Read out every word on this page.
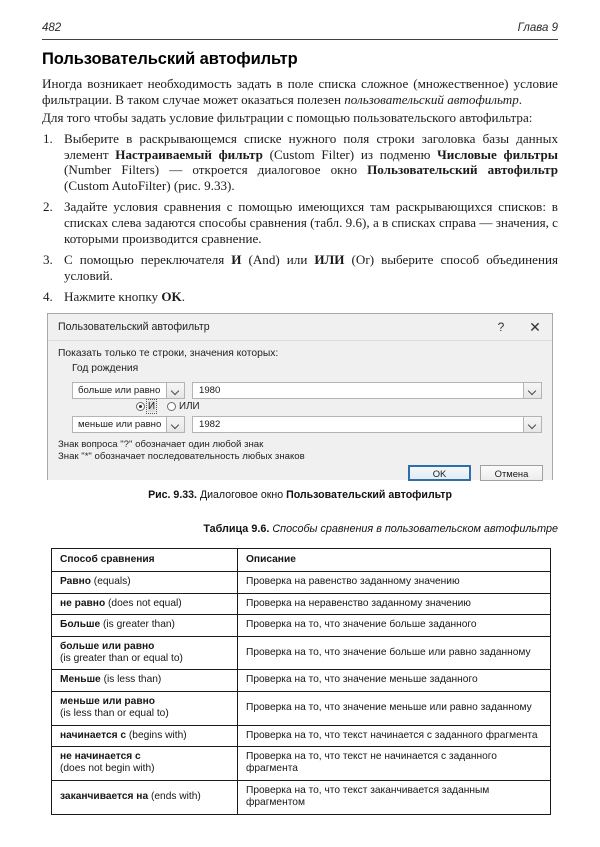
482	Глава 9
Пользовательский автофильтр
Иногда возникает необходимость задать в поле списка сложное (множественное) условие фильтрации. В таком случае может оказаться полезен пользовательский автофильтр.
Для того чтобы задать условие фильтрации с помощью пользовательского автофильтра:
1. Выберите в раскрывающемся списке нужного поля строки заголовка базы данных элемент Настраиваемый фильтр (Custom Filter) из подменю Числовые фильтры (Number Filters) — откроется диалоговое окно Пользовательский автофильтр (Custom AutoFilter) (рис. 9.33).
2. Задайте условия сравнения с помощью имеющихся там раскрывающихся списков: в списках слева задаются способы сравнения (табл. 9.6), а в списках справа — значения, с которыми производится сравнение.
3. С помощью переключателя И (And) или ИЛИ (Or) выберите способ объединения условий.
4. Нажмите кнопку OK.
Пользовательский автофильтр	?	✕
Показать только те строки, значения которых:
Год рождения
больше или равно	1980
И ИЛИ
меньше или равно	1982
Знак вопроса "?" обозначает один любой знак
Знак "*" обозначает последовательность любых знаков
OK	Отмена
Рис. 9.33. Диалоговое окно Пользовательский автофильтр
Таблица 9.6. Способы сравнения в пользовательском автофильтре
Способ сравнения	Описание
Равно (equals)	Проверка на равенство заданному значению
не равно (does not equal)	Проверка на неравенство заданному значению
Больше (is greater than)	Проверка на то, что значение больше заданного
больше или равно
(is greater than or equal to)	Проверка на то, что значение больше или равно заданному
Меньше (is less than)	Проверка на то, что значение меньше заданного
меньше или равно
(is less than or equal to)	Проверка на то, что значение меньше или равно заданному
начинается с (begins with)	Проверка на то, что текст начинается с заданного фрагмента
не начинается с
(does not begin with)	Проверка на то, что текст не начинается с заданного фрагмента
заканчивается на (ends with)	Проверка на то, что текст заканчивается заданным фрагментом
